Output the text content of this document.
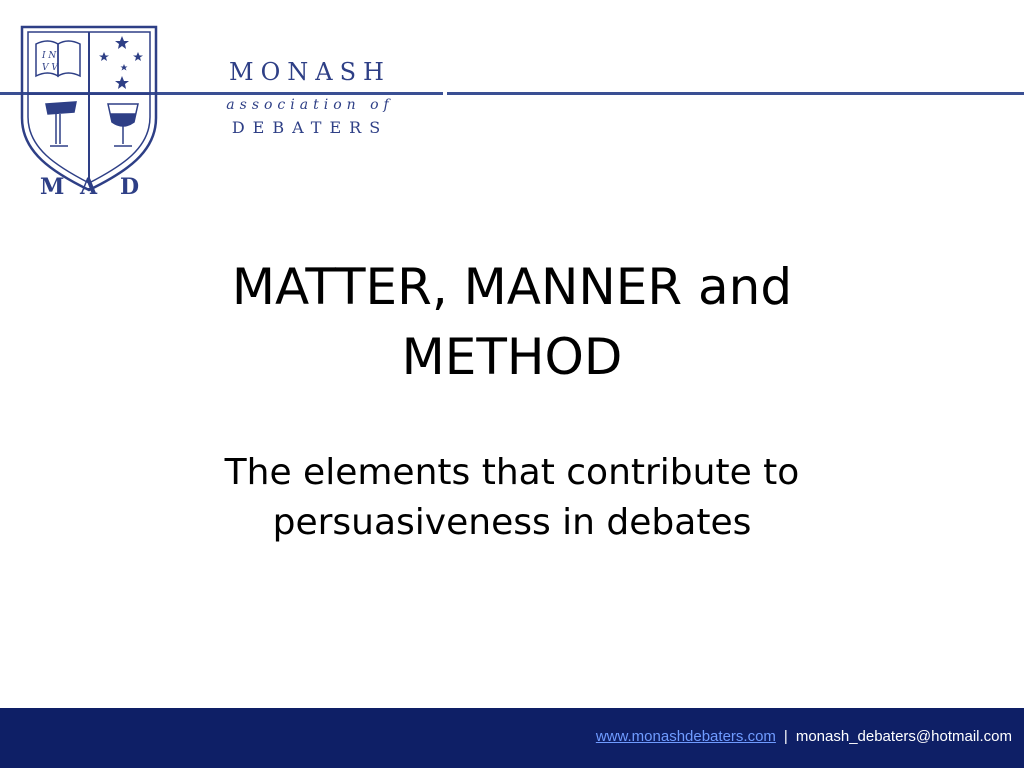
I N
V V
M A D
MONASH
association of
DEBATERS
MATTER, MANNER and
METHOD
The elements that contribute to
persuasiveness in debates
www.monashdebaters.com | monash_debaters@hotmail.com
